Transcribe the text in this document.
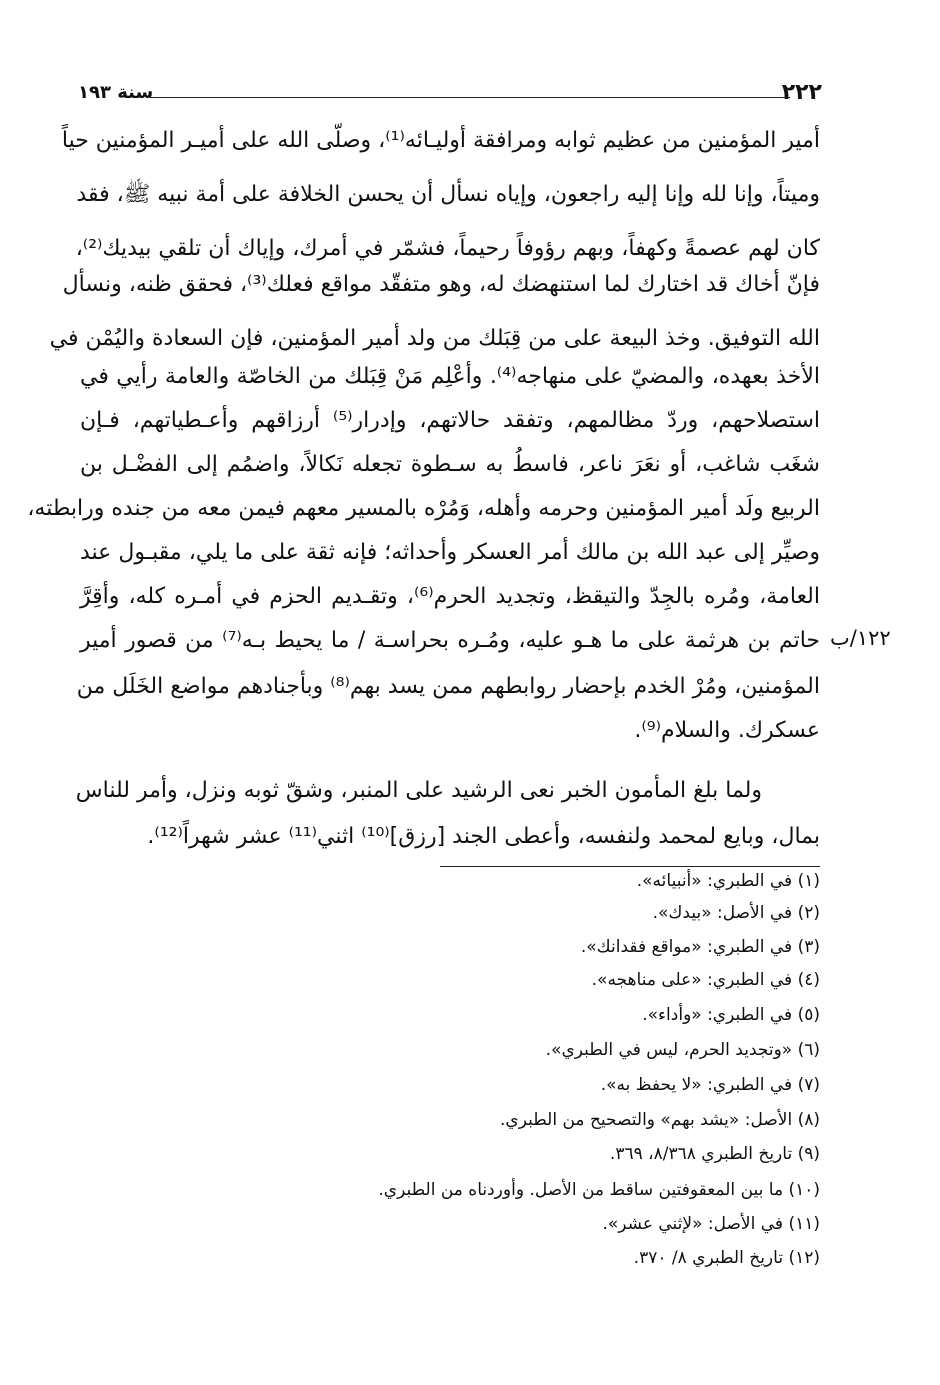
٢٢٢
سنة ١٩٣
أمير المؤمنين من عظيم ثوابه ومرافقة أوليـائه⁽¹⁾، وصلّى الله على أميـر المؤمنين حياً
وميتاً، وإنا لله وإنا إليه راجعون، وإياه نسأل أن يحسن الخلافة على أمة نبيه ﷺ، فقد
كان لهم عصمةً وكهفاً، وبهم رؤوفاً رحيماً، فشمّر في أمرك، وإياك أن تلقي بيديك⁽²⁾،
فإنّ أخاك قد اختارك لما استنهضك له، وهو متفقّد مواقع فعلك⁽³⁾، فحقق ظنه، ونسأل
الله التوفيق. وخذ البيعة على من قِبَلك من ولد أمير المؤمنين، فإن السعادة واليُمْن في
الأخذ بعهده، والمضيّ على منهاجه⁽⁴⁾. وأعْلِم مَنْ قِبَلك من الخاصّة والعامة رأيي في
استصلاحهم، وردّ مظالمهم، وتفقد حالاتهم، وإدرار⁽⁵⁾ أرزاقهم وأعـطياتهم، فـإن
شغَب شاغب، أو نعَرَ ناعر، فاسطُ به سـطوة تجعله نَكالاً، واضمُم إلى الفضْـل بن
الربيع ولَد أمير المؤمنين وحرمه وأهله، وَمُرْه بالمسير معهم فيمن معه من جنده ورابطته،
وصيِّر إلى عبد الله بن مالك أمر العسكر وأحداثه؛ فإنه ثقة على ما يلي، مقبـول عند
العامة، ومُره بالجِدّ والتيقظ، وتجديد الحرم⁽⁶⁾، وتقـديم الحزم في أمـره كله، وأقِرَّ
حاتم بن هرثمة على ما هـو عليه، ومُـره بحراسـة / ما يحيط بـه⁽⁷⁾ من قصور أمير
المؤمنين، ومُرْ الخدم بإحضار روابطهم ممن يسد بهم⁽⁸⁾ وبأجنادهم مواضع الخَلَل من
عسكرك. والسلام⁽⁹⁾.
١٢٢/ب
ولما بلغ المأمون الخبر نعى الرشيد على المنبر، وشقّ ثوبه ونزل، وأمر للناس
بمال، وبايع لمحمد ولنفسه، وأعطى الجند [رزق]⁽¹⁰⁾ اثني⁽¹¹⁾ عشر شهراً⁽¹²⁾.
(١) في الطبري: «أنبيائه».
(٢) في الأصل: «بيدك».
(٣) في الطبري: «مواقع فقدانك».
(٤) في الطبري: «على مناهجه».
(٥) في الطبري: «وأداء».
(٦) «وتجديد الحرم، ليس في الطبري».
(٧) في الطبري: «لا يحفظ به».
(٨) الأصل: «يشد بهم» والتصحيح من الطبري.
(٩) تاريخ الطبري ٨/٣٦٨، ٣٦٩.
(١٠) ما بين المعقوفتين ساقط من الأصل. وأوردناه من الطبري.
(١١) في الأصل: «لإثني عشر».
(١٢) تاريخ الطبري ٨/ ٣٧٠.
